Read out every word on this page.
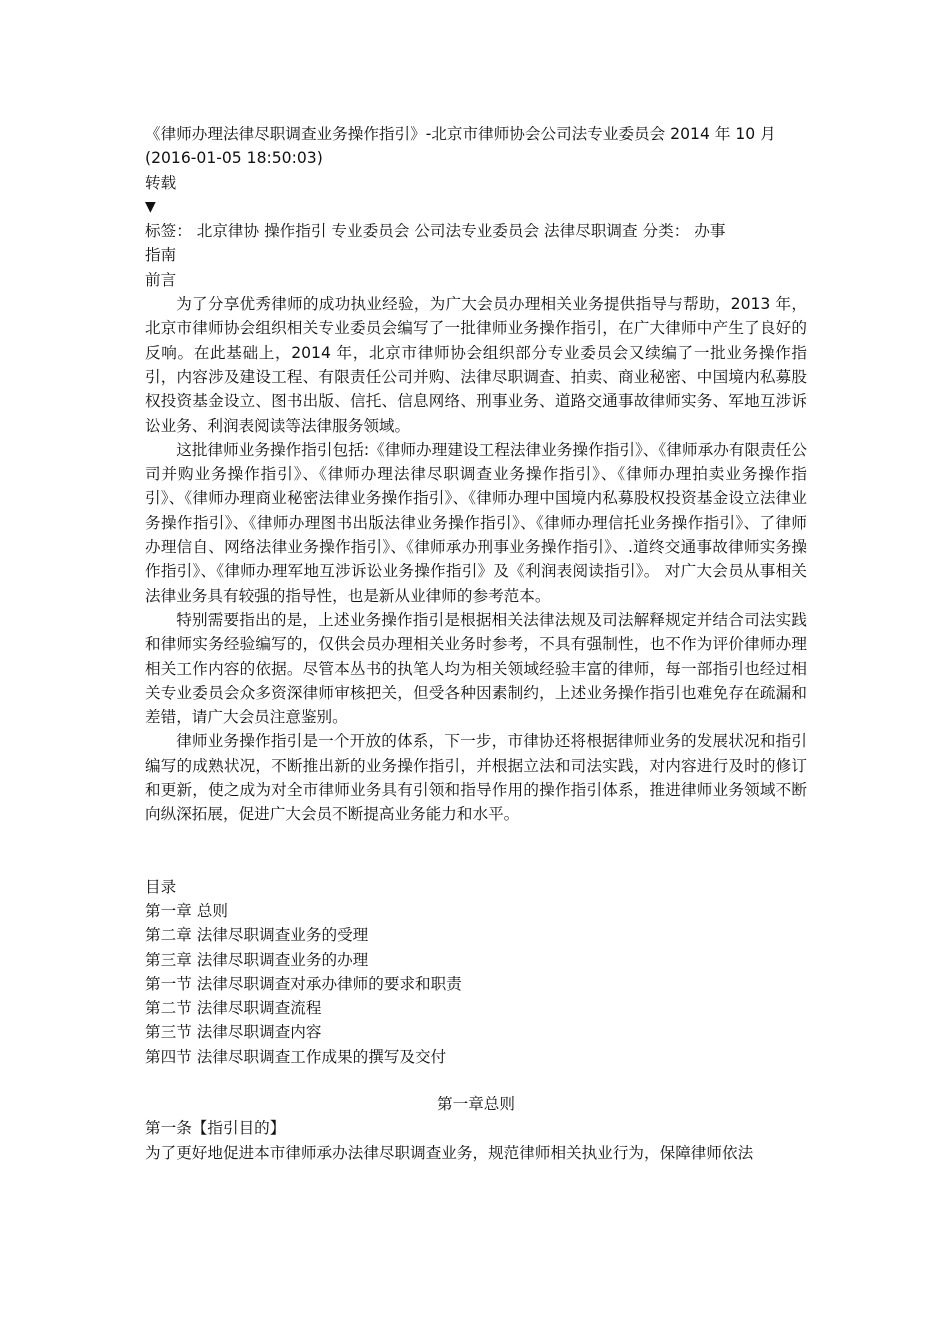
《律师办理法律尽职调查业务操作指引》-北京市律师协会公司法专业委员会 2014 年 10 月
(2016-01-05 18:50:03)
转载
▼
标签： 北京律协 操作指引 专业委员会 公司法专业委员会 法律尽职调查 分类： 办事
指南
前言

为了分享优秀律师的成功执业经验，为广大会员办理相关业务提供指导与帮助，2013 年，北京市律师协会组织相关专业委员会编写了一批律师业务操作指引，在广大律师中产生了良好的反响。在此基础上，2014 年，北京市律师协会组织部分专业委员会又续编了一批业务操作指引，内容涉及建设工程、有限责任公司并购、法律尽职调查、拍卖、商业秘密、中国境内私募股权投资基金设立、图书出版、信托、信息网络、刑事业务、道路交通事故律师实务、军地互涉诉讼业务、利润表阅读等法律服务领域。

这批律师业务操作指引包括:《律师办理建设工程法律业务操作指引》、《律师承办有限责任公司并购业务操作指引》、《律师办理法律尽职调查业务操作指引》、《律师办理拍卖业务操作指引》、《律师办理商业秘密法律业务操作指引》、《律师办理中国境内私募股权投资基金设立法律业务操作指引》、《律师办理图书出版法律业务操作指引》、《律师办理信托业务操作指引》、了律师办理信自、网络法律业务操作指引》、《律师承办刑事业务操作指引》、.道终交通事故律师实务操作指引》、《律师办理军地互涉诉讼业务操作指引》及《利润表阅读指引》。 对广大会员从事相关法律业务具有较强的指导性，也是新从业律师的参考范本。

特别需要指出的是，上述业务操作指引是根据相关法律法规及司法解释规定并结合司法实践和律师实务经验编写的，仅供会员办理相关业务时参考，不具有强制性，也不作为评价律师办理相关工作内容的依据。尽管本丛书的执笔人均为相关领域经验丰富的律师，每一部指引也经过相关专业委员会众多资深律师审核把关，但受各种因素制约，上述业务操作指引也难免存在疏漏和差错，请广大会员注意鉴别。

律师业务操作指引是一个开放的体系，下一步，市律协还将根据律师业务的发展状况和指引编写的成熟状况，不断推出新的业务操作指引，并根据立法和司法实践，对内容进行及时的修订和更新，使之成为对全市律师业务具有引领和指导作用的操作指引体系，推进律师业务领域不断向纵深拓展，促进广大会员不断提高业务能力和水平。

目录
第一章 总则
第二章 法律尽职调查业务的受理
第三章 法律尽职调查业务的办理
第一节 法律尽职调查对承办律师的要求和职责
第二节 法律尽职调查流程
第三节 法律尽职调查内容
第四节 法律尽职调查工作成果的撰写及交付

第一章总则

第一条【指引目的】
为了更好地促进本市律师承办法律尽职调查业务，规范律师相关执业行为，保障律师依法
